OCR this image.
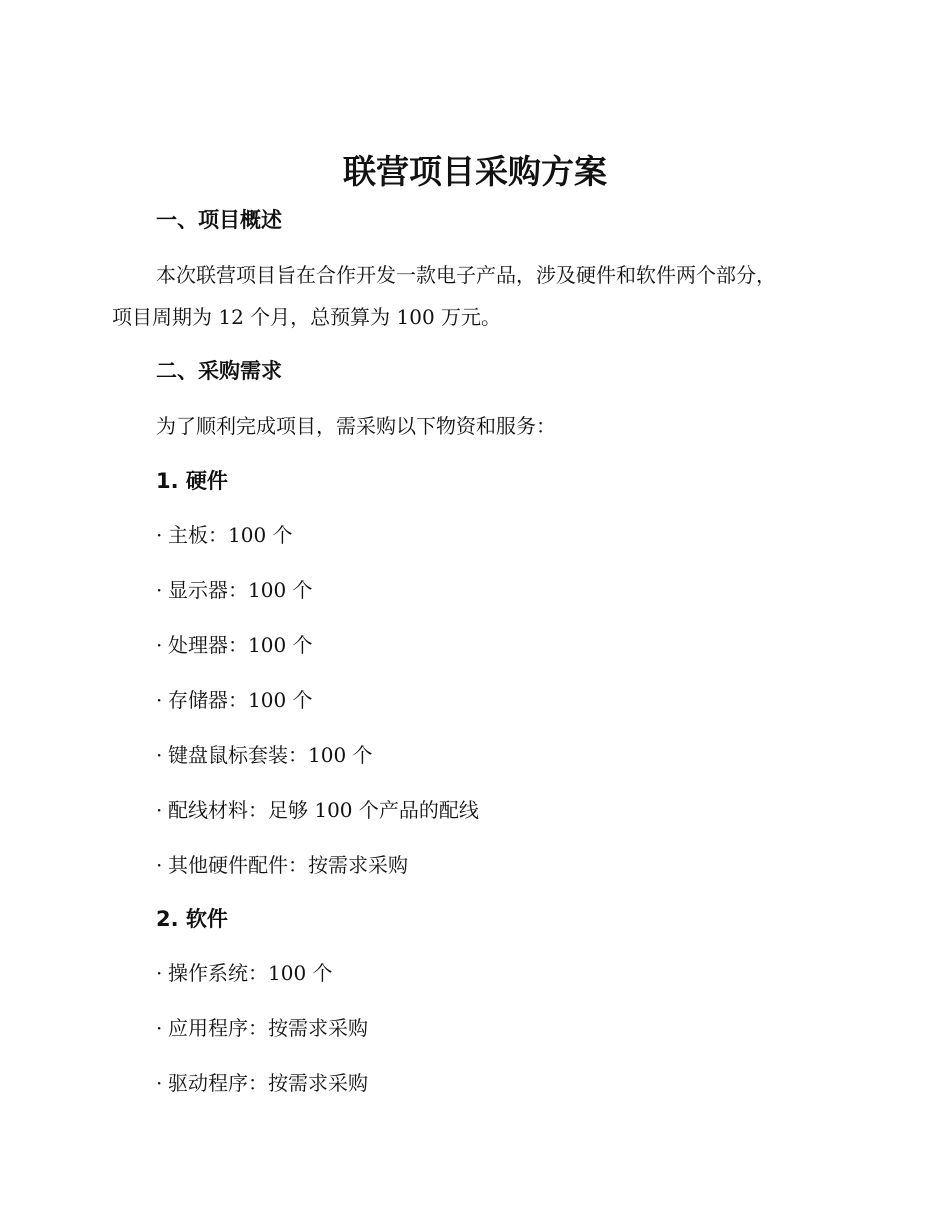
联营项目采购方案
一、项目概述
本次联营项目旨在合作开发一款电子产品，涉及硬件和软件两个部分，
项目周期为 12 个月，总预算为 100 万元。
二、采购需求
为了顺利完成项目，需采购以下物资和服务：
1. 硬件
· 主板：100 个
· 显示器：100 个
· 处理器：100 个
· 存储器：100 个
· 键盘鼠标套装：100 个
· 配线材料：足够 100 个产品的配线
· 其他硬件配件：按需求采购
2. 软件
· 操作系统：100 个
· 应用程序：按需求采购
· 驱动程序：按需求采购
